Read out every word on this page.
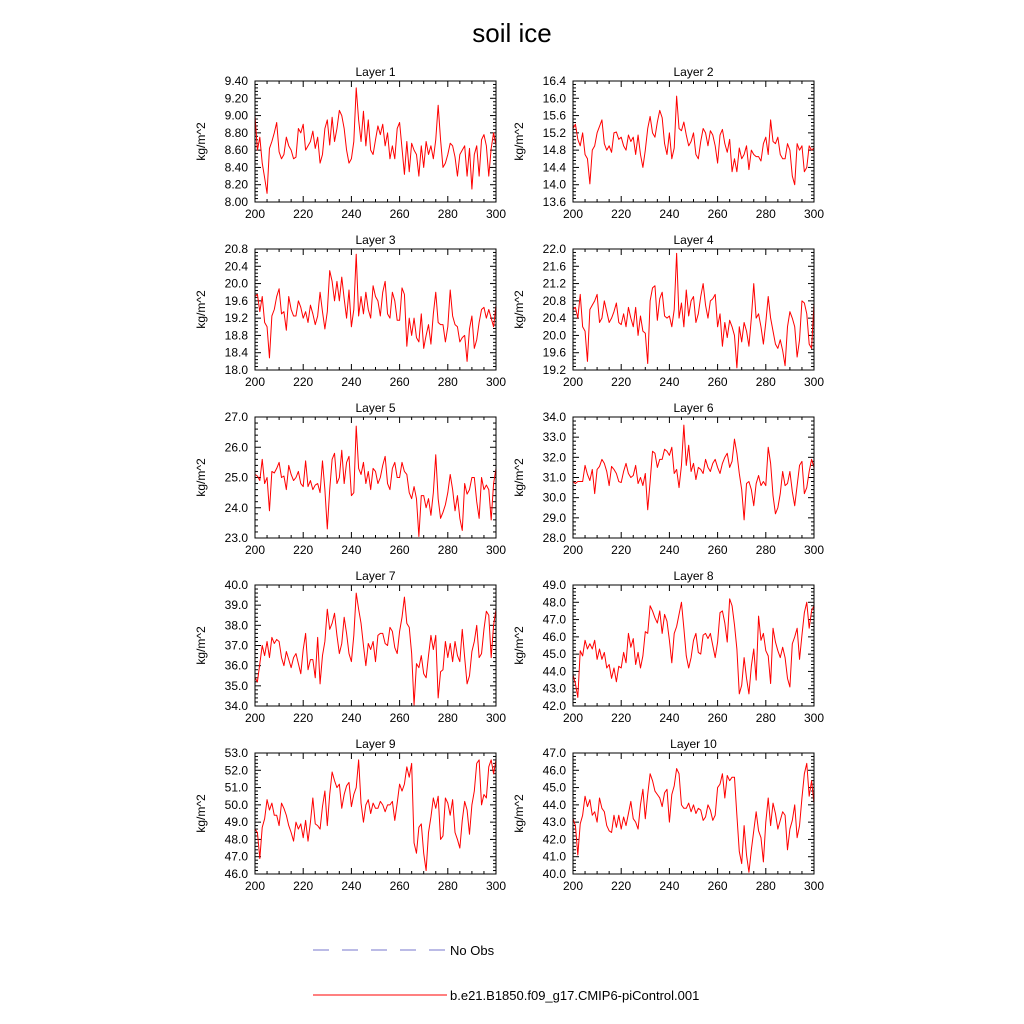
soil ice
Layer 1
kg/m^2
200 220 240 260 280 300
8.00
8.20
8.40
8.60
8.80
9.00
9.20
9.40
Layer 2
kg/m^2
200 220 240 260 280 300
13.6
14.0
14.4
14.8
15.2
15.6
16.0
16.4
Layer 3
kg/m^2
200 220 240 260 280 300
18.0
18.4
18.8
19.2
19.6
20.0
20.4
20.8
Layer 4
kg/m^2
200 220 240 260 280 300
19.2
19.6
20.0
20.4
20.8
21.2
21.6
22.0
Layer 5
kg/m^2
200 220 240 260 280 300
23.0
24.0
25.0
26.0
27.0
Layer 6
kg/m^2
200 220 240 260 280 300
28.0
29.0
30.0
31.0
32.0
33.0
34.0
Layer 7
kg/m^2
200 220 240 260 280 300
34.0
35.0
36.0
37.0
38.0
39.0
40.0
Layer 8
kg/m^2
200 220 240 260 280 300
42.0
43.0
44.0
45.0
46.0
47.0
48.0
49.0
Layer 9
kg/m^2
200 220 240 260 280 300
46.0
47.0
48.0
49.0
50.0
51.0
52.0
53.0
Layer 10
kg/m^2
200 220 240 260 280 300
40.0
41.0
42.0
43.0
44.0
45.0
46.0
47.0
No Obs
b.e21.B1850.f09_g17.CMIP6-piControl.001
